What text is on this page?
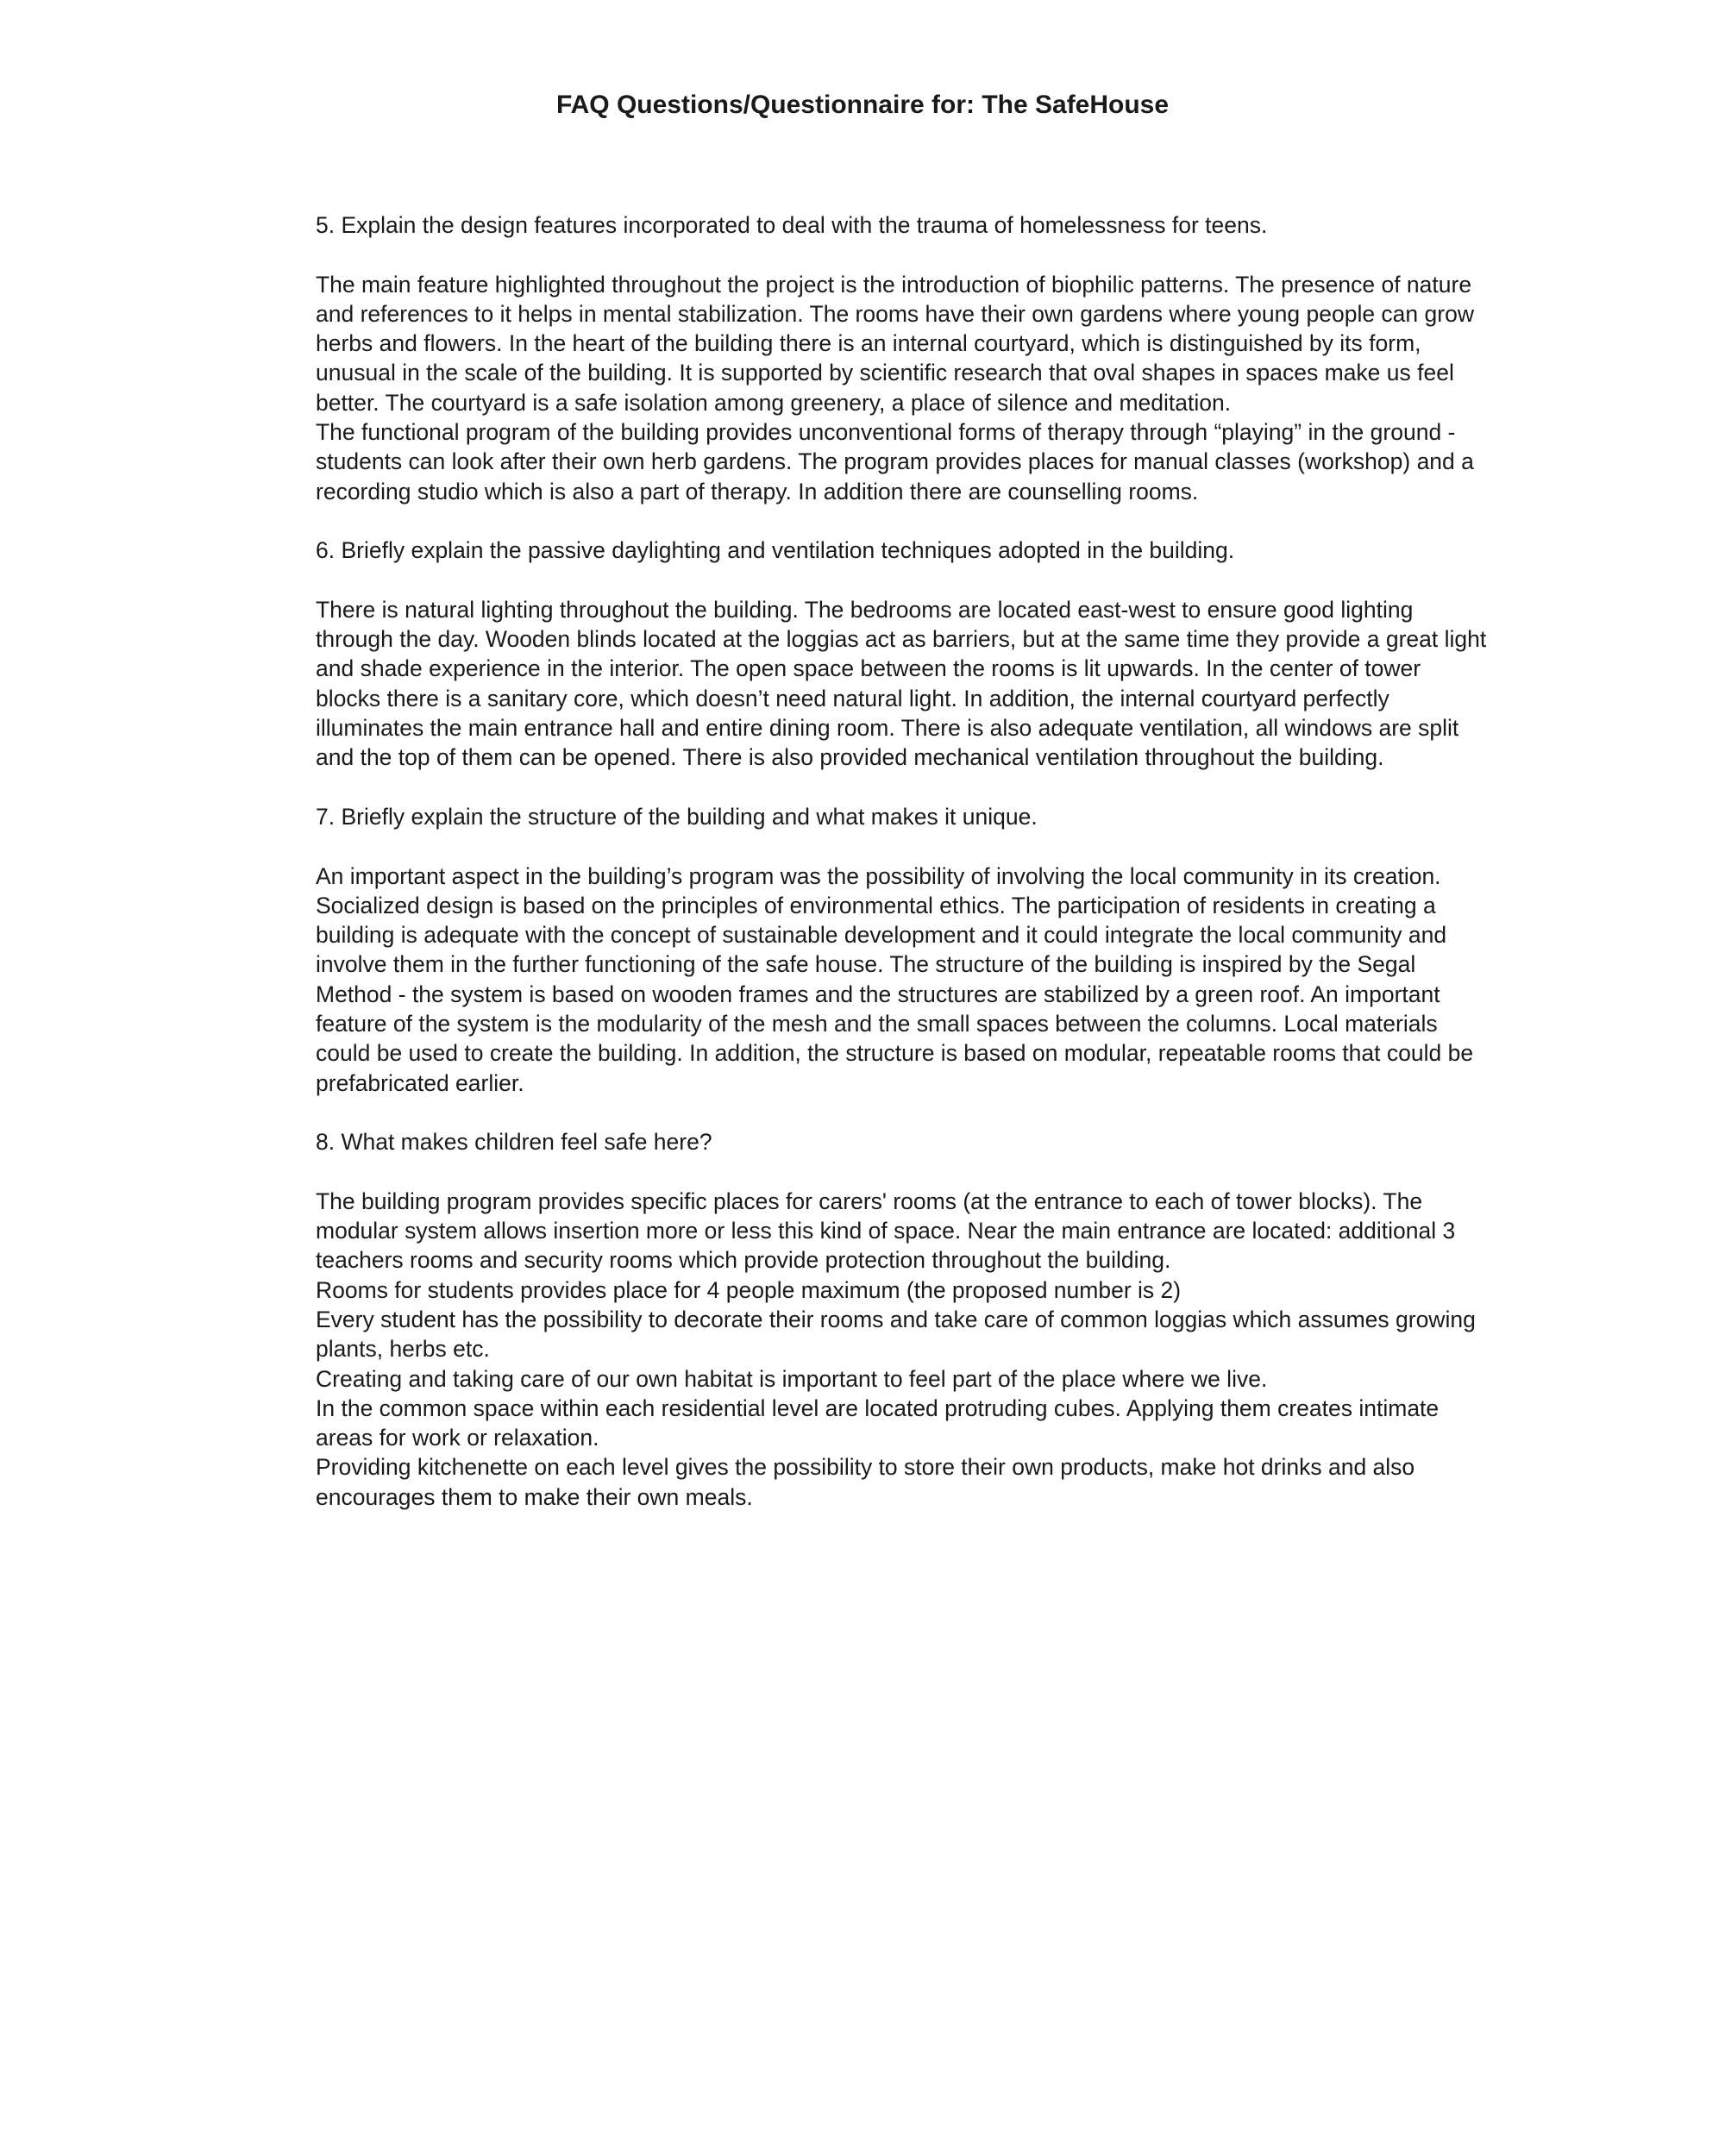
FAQ Questions/Questionnaire for: The SafeHouse

5. Explain the design features incorporated to deal with the trauma of homelessness for teens.

The main feature highlighted throughout the project is the introduction of biophilic patterns. The presence of nature and references to it helps in mental stabilization. The rooms have their own gardens where young people can grow herbs and flowers. In the heart of the building there is an internal courtyard, which is distinguished by its form, unusual in the scale of the building. It is supported by scientific research that oval shapes in spaces make us feel better. The courtyard is a safe isolation among greenery, a place of silence and meditation.

The functional program of the building provides unconventional forms of therapy through “playing” in the ground - students can look after their own herb gardens. The program provides places for manual classes (workshop) and a recording studio which is also a part of therapy. In addition there are counselling rooms.

6. Briefly explain the passive daylighting and ventilation techniques adopted in the building.

There is natural lighting throughout the building. The bedrooms are located east-west to ensure good lighting through the day. Wooden blinds located at the loggias act as barriers, but at the same time they provide a great light and shade experience in the interior. The open space between the rooms is lit upwards. In the center of tower blocks there is a sanitary core, which doesn’t need natural light. In addition, the internal courtyard perfectly illuminates the main entrance hall and entire dining room. There is also adequate ventilation, all windows are split and the top of them can be opened. There is also provided mechanical ventilation throughout the building.

7. Briefly explain the structure of the building and what makes it unique.

An important aspect in the building’s program was the possibility of involving the local community in its creation. Socialized design is based on the principles of environmental ethics. The participation of residents in creating a building is adequate with the concept of sustainable development and it could integrate the local community and involve them in the further functioning of the safe house. The structure of the building is inspired by the Segal Method - the system is based on wooden frames and the structures are stabilized by a green roof. An important feature of the system is the modularity of the mesh and the small spaces between the columns. Local materials could be used to create the building. In addition, the structure is based on modular, repeatable rooms that could be prefabricated earlier.

8. What makes children feel safe here?

The building program provides specific places for carers' rooms (at the entrance to each of tower blocks). The modular system allows insertion more or less this kind of space. Near the main entrance are located: additional 3 teachers rooms and security rooms which provide protection throughout the building.

Rooms for students provides place for 4 people maximum (the proposed number is 2)

Every student has the possibility to decorate their rooms and take care of common loggias which assumes growing plants, herbs etc.

Creating and taking care of our own habitat is important to feel part of the place where we live.

In the common space within each residential level are located protruding cubes. Applying them creates intimate areas for work or relaxation.

Providing kitchenette on each level gives the possibility to store their own products, make hot drinks and also encourages them to make their own meals.
